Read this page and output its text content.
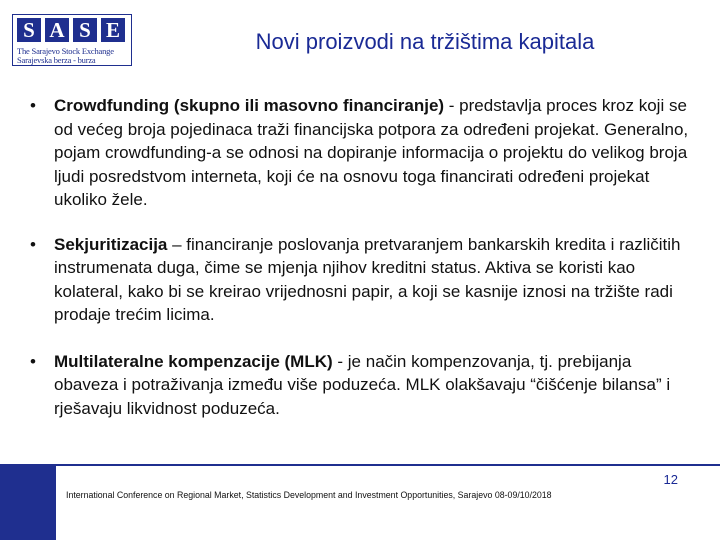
S A S E
The Sarajevo Stock Exchange
Sarajevska berza - burza
Novi proizvodi na tržištima kapitala
• Crowdfunding (skupno ili masovno financiranje) - predstavlja proces kroz koji se od većeg broja pojedinaca traži financijska potpora za određeni projekat. Generalno, pojam crowdfunding-a se odnosi na dopiranje informacija o projektu do velikog broja ljudi posredstvom interneta, koji će na osnovu toga financirati određeni projekat ukoliko žele.
• Sekjuritizacija – financiranje poslovanja pretvaranjem bankarskih kredita i različitih instrumenata duga, čime se mjenja njihov kreditni status. Aktiva se koristi kao kolateral, kako bi se kreirao vrijednosni papir, a koji se kasnije iznosi na tržište radi prodaje trećim licima.
• Multilateralne kompenzacije (MLK) - je način kompenzovanja, tj. prebijanja obaveza i potraživanja između više poduzeća. MLK olakšavaju “čišćenje bilansa” i rješavaju likvidnost poduzeća.
12
International Conference on Regional Market, Statistics Development and Investment Opportunities, Sarajevo 08-09/10/2018
